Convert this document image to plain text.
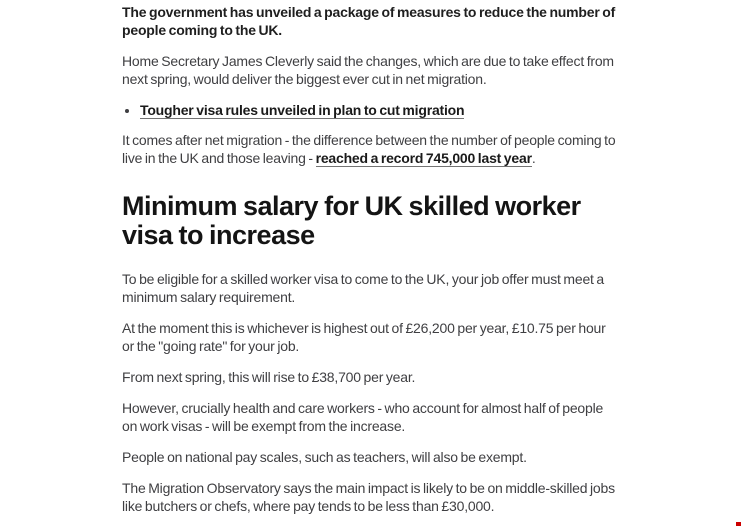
The government has unveiled a package of measures to reduce the number of people coming to the UK.

Home Secretary James Cleverly said the changes, which are due to take effect from next spring, would deliver the biggest ever cut in net migration.

• Tougher visa rules unveiled in plan to cut migration

It comes after net migration - the difference between the number of people coming to live in the UK and those leaving - reached a record 745,000 last year.

Minimum salary for UK skilled worker visa to increase

To be eligible for a skilled worker visa to come to the UK, your job offer must meet a minimum salary requirement.

At the moment this is whichever is highest out of £26,200 per year, £10.75 per hour or the "going rate" for your job.

From next spring, this will rise to £38,700 per year.

However, crucially health and care workers - who account for almost half of people on work visas - will be exempt from the increase.

People on national pay scales, such as teachers, will also be exempt.

The Migration Observatory says the main impact is likely to be on middle-skilled jobs like butchers or chefs, where pay tends to be less than £30,000.
